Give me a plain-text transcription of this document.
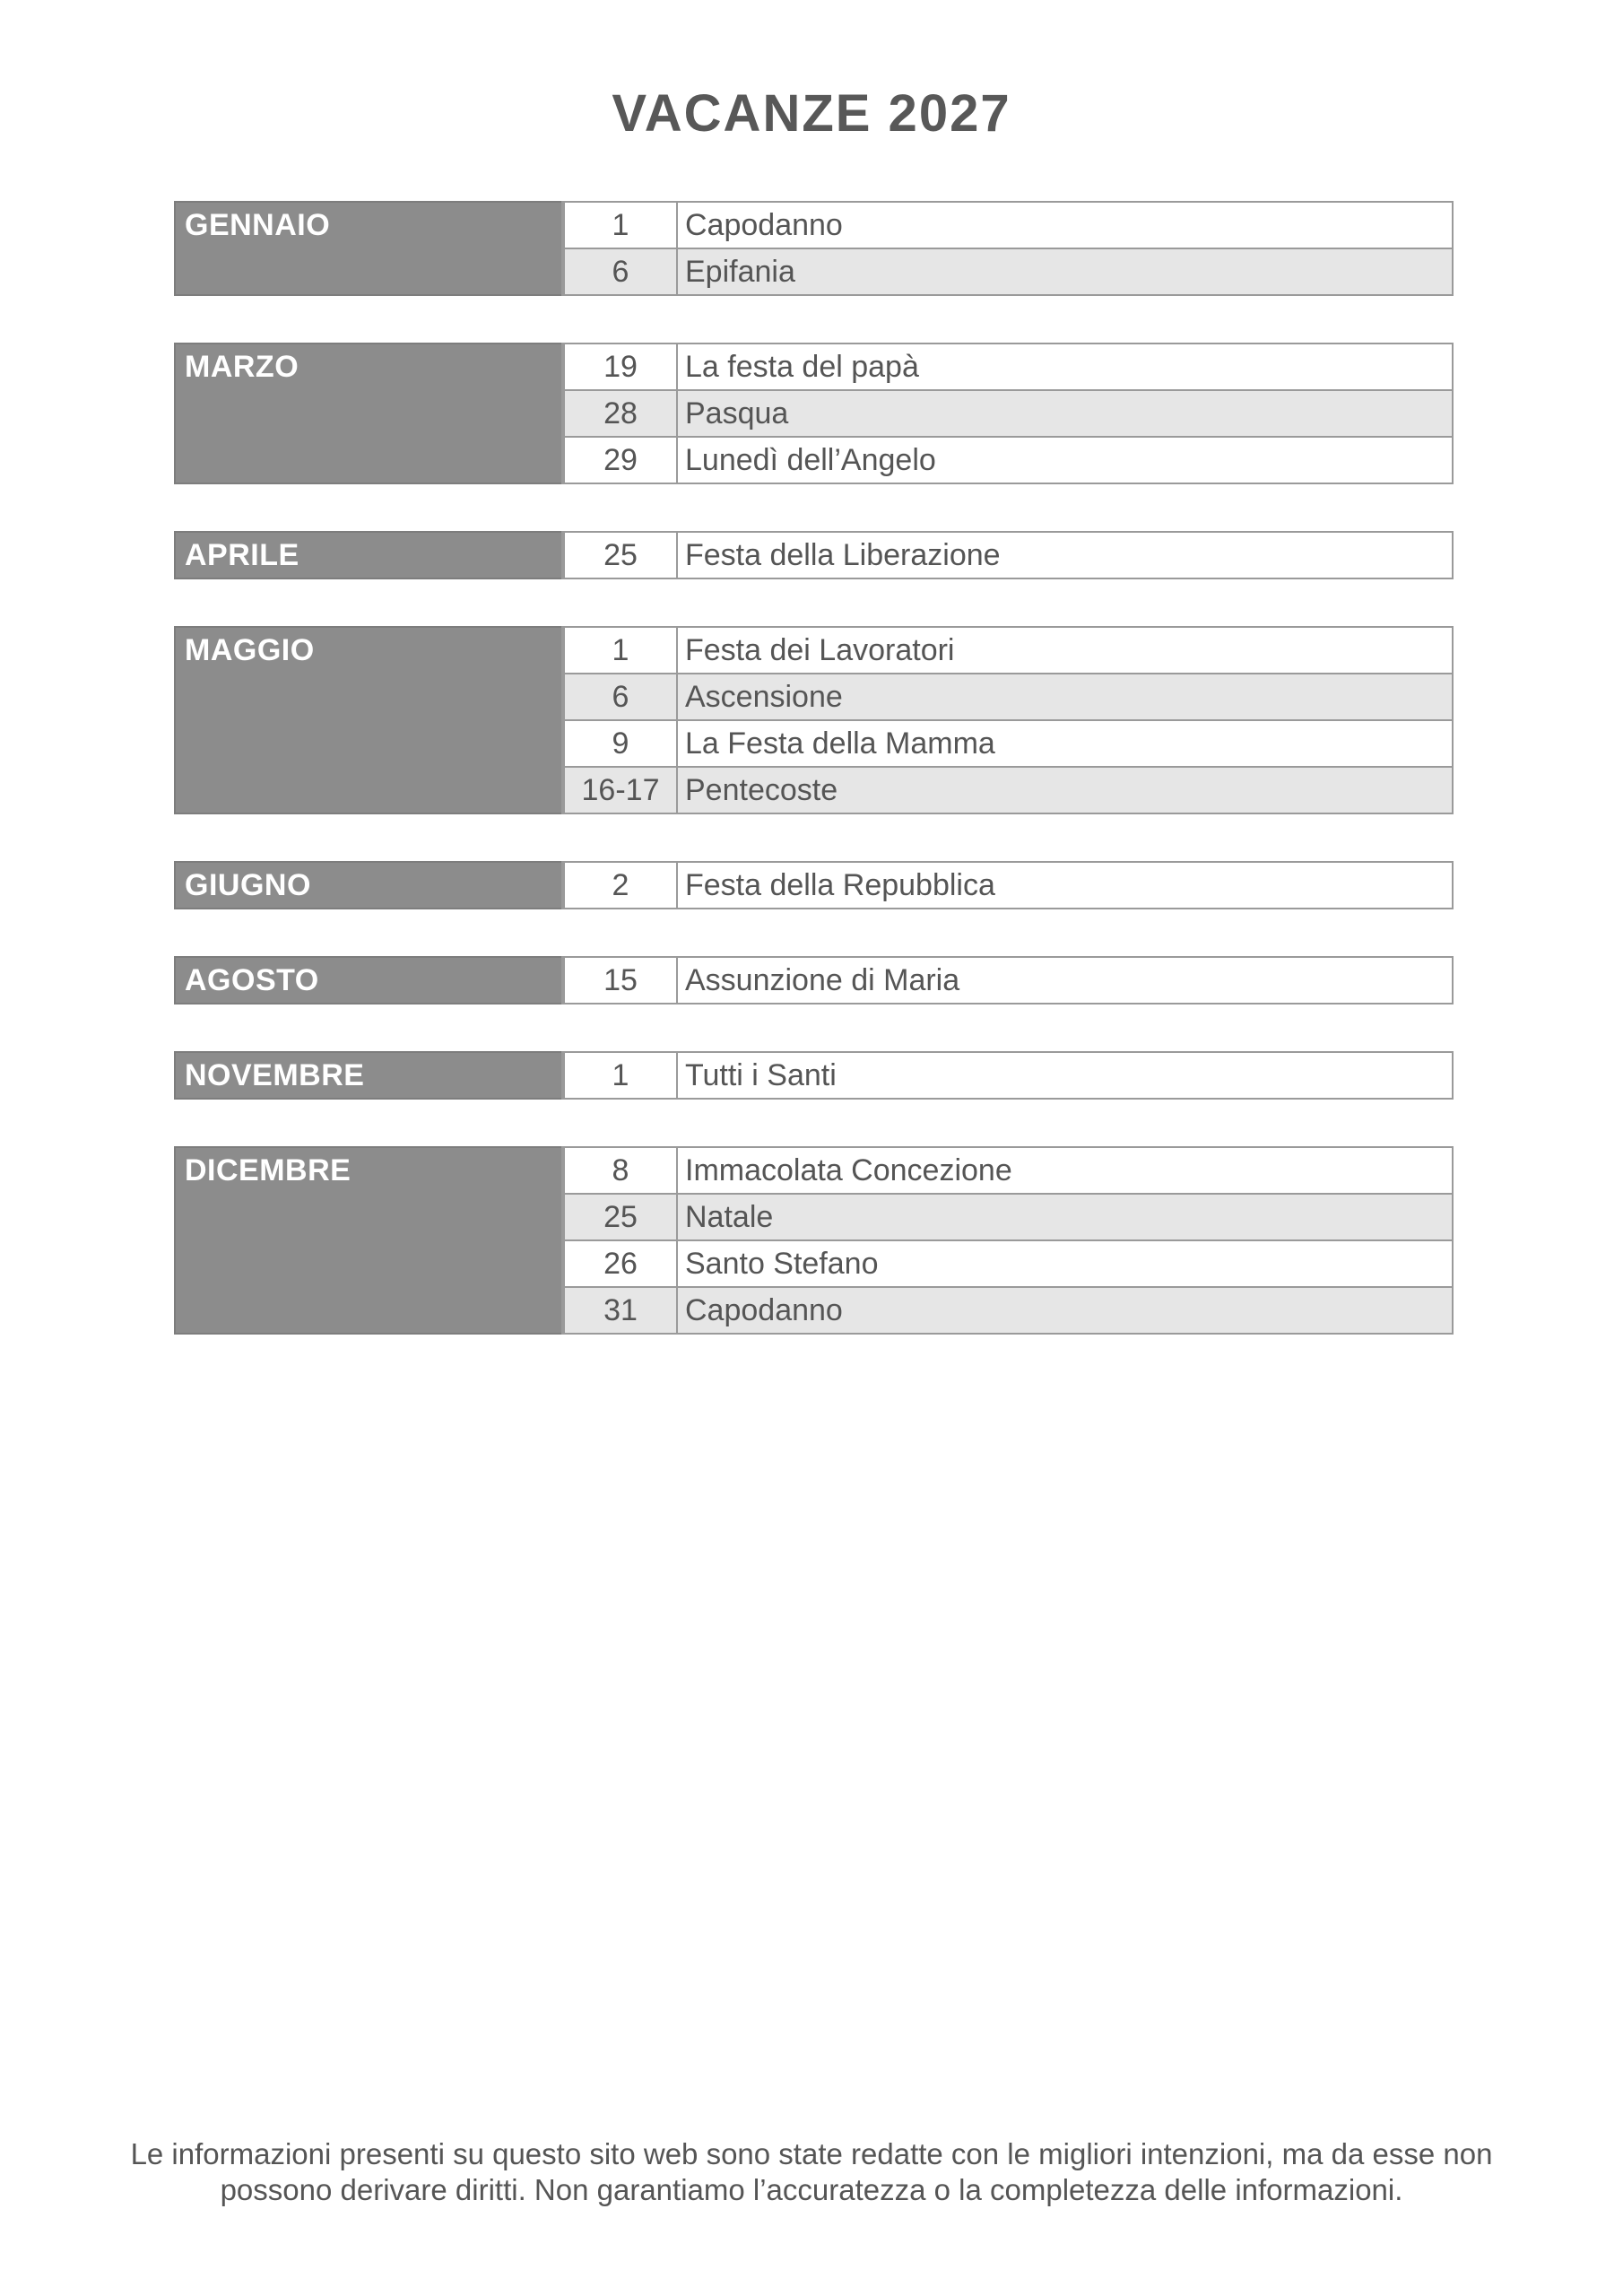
VACANZE 2027
GENNAIO	1	Capodanno
6	Epifania
MARZO	19	La festa del papà
28	Pasqua
29	Lunedì dell’Angelo
APRILE	25	Festa della Liberazione
MAGGIO	1	Festa dei Lavoratori
6	Ascensione
9	La Festa della Mamma
16-17 Pentecoste
GIUGNO	2	Festa della Repubblica
AGOSTO	15	Assunzione di Maria
NOVEMBRE	1	Tutti i Santi
DICEMBRE	8	Immacolata Concezione
25	Natale
26	Santo Stefano
31	Capodanno
Le informazioni presenti su questo sito web sono state redatte con le migliori intenzioni, ma da esse non
possono derivare diritti. Non garantiamo l’accuratezza o la completezza delle informazioni.
